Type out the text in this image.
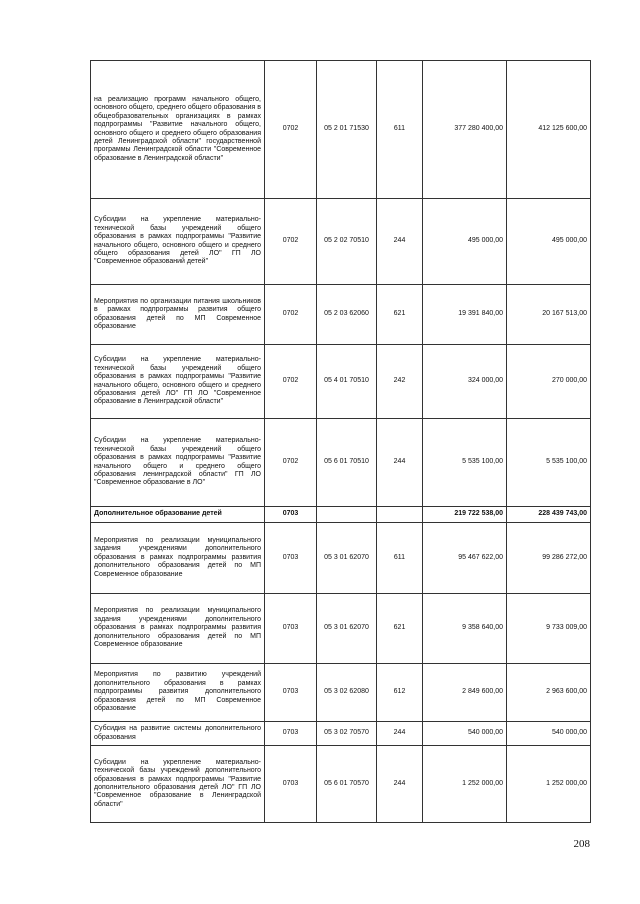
на реализацию программ начального общего, основного общего, среднего общего образования в общеобразовательных организациях в рамках подпрограммы "Развитие начального общего, основного общего и среднего общего образования детей Ленинградской области" государственной программы Ленинградской области "Современное образование в Ленинградской области"	0702	05 2 01 71530	611	377 280 400,00	412 125 600,00
Субсидии на укрепление материально-технической базы учреждений общего образования в рамках подпрограммы "Развитие начального общего, основного общего и среднего общего образования детей ЛО" ГП ЛО "Современное образований детей"	0702	05 2 02 70510	244	495 000,00	495 000,00
Мероприятия по организации питания школьников в рамках подпрограммы развития общего образования детей по МП Современное образование	0702	05 2 03 62060	621	19 391 840,00	20 167 513,00
Субсидии на укрепление материально-технической базы учреждений общего образования в рамках подпрограммы "Развитие начального общего, основного общего и среднего образования детей ЛО" ГП ЛО "Современное образование в Ленинградской области"	0702	05 4 01 70510	242	324 000,00	270 000,00
Субсидии на укрепление материально-технической базы учреждений общего образования в рамках подпрограммы "Развитие начального общего и среднего общего образования ленинградской области" ГП ЛО "Современное образование в ЛО"	0702	05 6 01 70510	244	5 535 100,00	5 535 100,00
Дополнительное образование детей	0703			219 722 538,00	228 439 743,00
Мероприятия по реализации муниципального задания учреждениями дополнительного образования в рамках подпрограммы развития дополнительного образования детей по МП Современное образование	0703	05 3 01 62070	611	95 467 622,00	99 286 272,00
Мероприятия по реализации муниципального задания учреждениями дополнительного образования в рамках подпрограммы развития дополнительного образования детей по МП Современное образование	0703	05 3 01 62070	621	9 358 640,00	9 733 009,00
Мероприятия по развитию учреждений дополнительного образования в рамках подпрограммы развития дополнительного образования детей по МП Современное образование	0703	05 3 02 62080	612	2 849 600,00	2 963 600,00
Субсидия на развитие системы дополнительного образования	0703	05 3 02 70570	244	540 000,00	540 000,00
Субсидии на укрепление материально-технической базы учреждений дополнительного образования в рамках подпрограммы "Развитие дополнительного образования детей ЛО" ГП ЛО "Современное образование в Ленинградской области"	0703	05 6 01 70570	244	1 252 000,00	1 252 000,00
208
